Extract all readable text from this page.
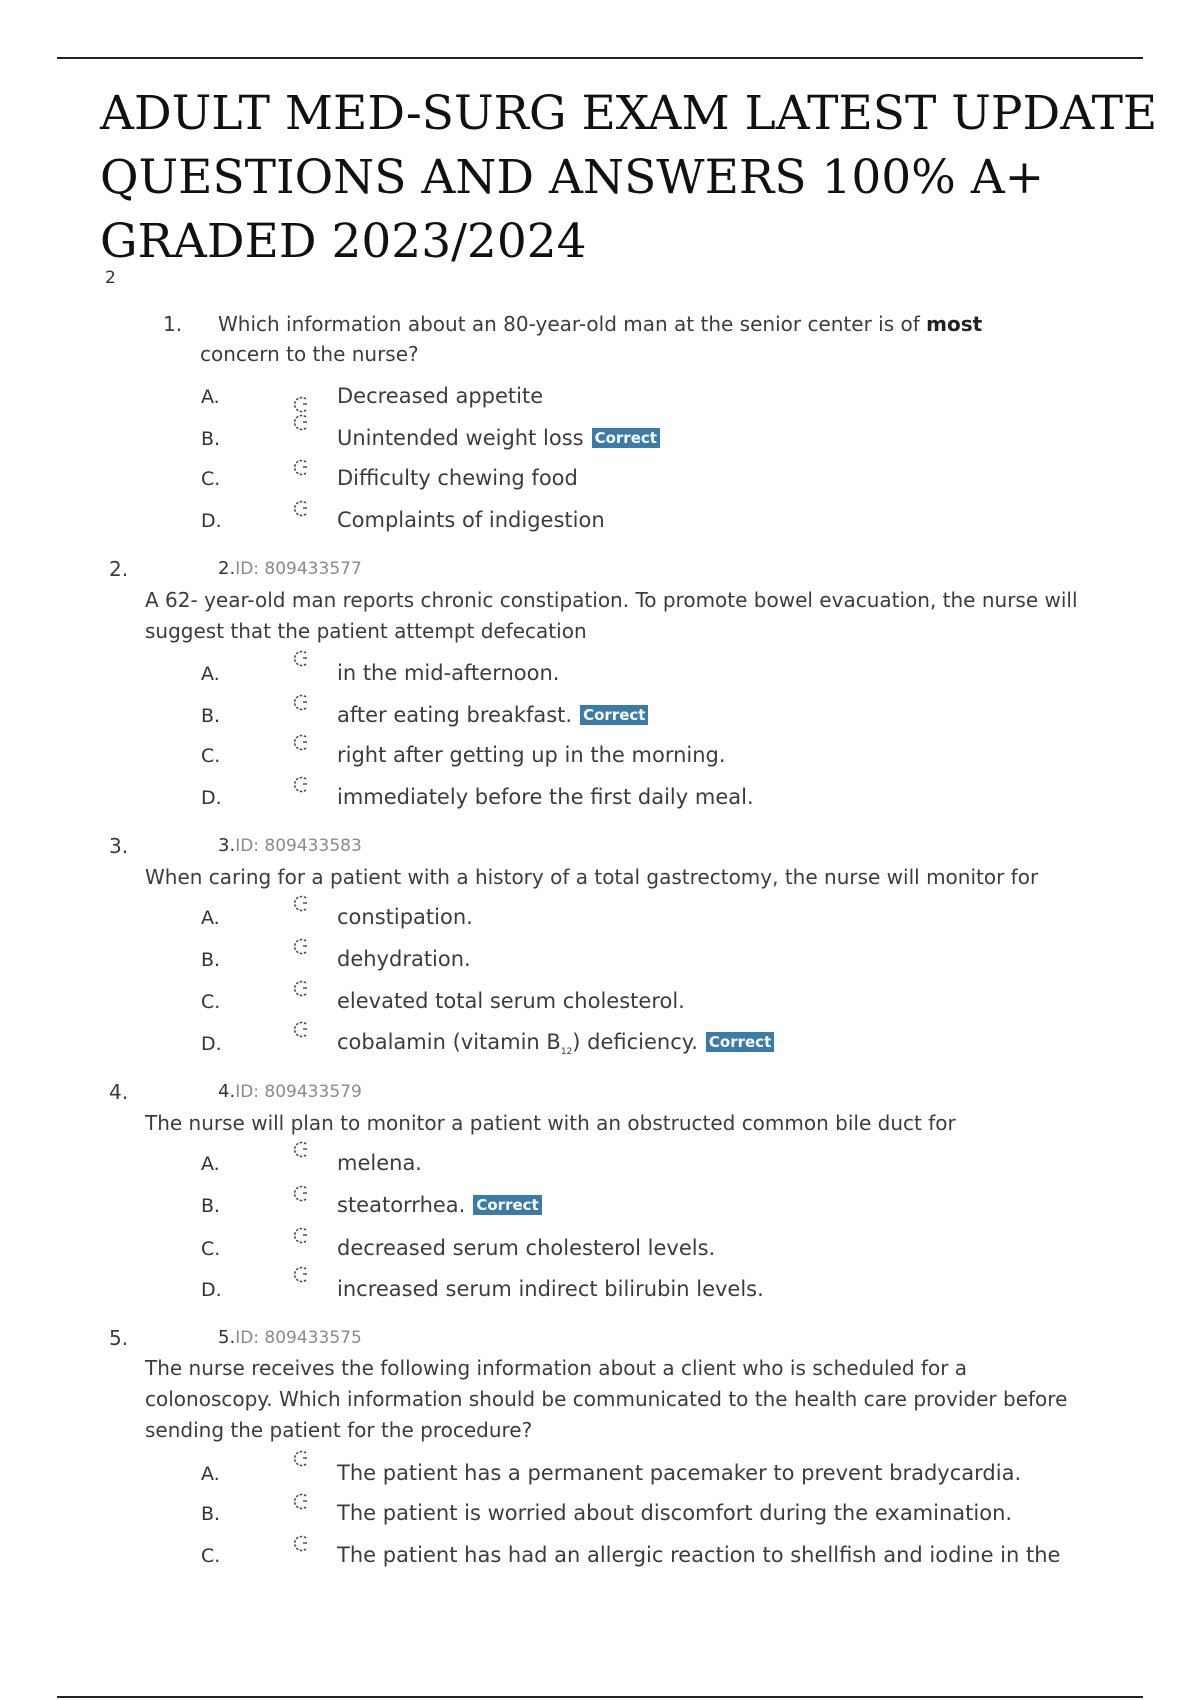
ADULT MED-SURG EXAM LATEST UPDATE QUESTIONS AND ANSWERS 100% A+ GRADED 2023/2024
2
1. Which information about an 80-year-old man at the senior center is of most
concern to the nurse?
A.	Decreased appetite
B.	Unintended weight loss Correct
C.	Difficulty chewing food
D.	Complaints of indigestion
2.	2.ID: 809433577
A 62- year-old man reports chronic constipation. To promote bowel evacuation, the nurse will suggest that the patient attempt defecation
A.	in the mid-afternoon.
B.	after eating breakfast. Correct
C.	right after getting up in the morning.
D.	immediately before the first daily meal.
3.	3.ID: 809433583
When caring for a patient with a history of a total gastrectomy, the nurse will monitor for
A.	constipation.
B.	dehydration.
C.	elevated total serum cholesterol.
D.	cobalamin (vitamin $B_{12}$) deficiency. Correct
4.	4.ID: 809433579
The nurse will plan to monitor a patient with an obstructed common bile duct for
A.	melena.
B.	steatorrhea. Correct
C.	decreased serum cholesterol levels.
D.	increased serum indirect bilirubin levels.
5.	5.ID: 809433575
The nurse receives the following information about a client who is scheduled for a colonoscopy. Which information should be communicated to the health care provider before sending the patient for the procedure?
A.	The patient has a permanent pacemaker to prevent bradycardia.
B.	The patient is worried about discomfort during the examination.
C.	The patient has had an allergic reaction to shellfish and iodine in the
